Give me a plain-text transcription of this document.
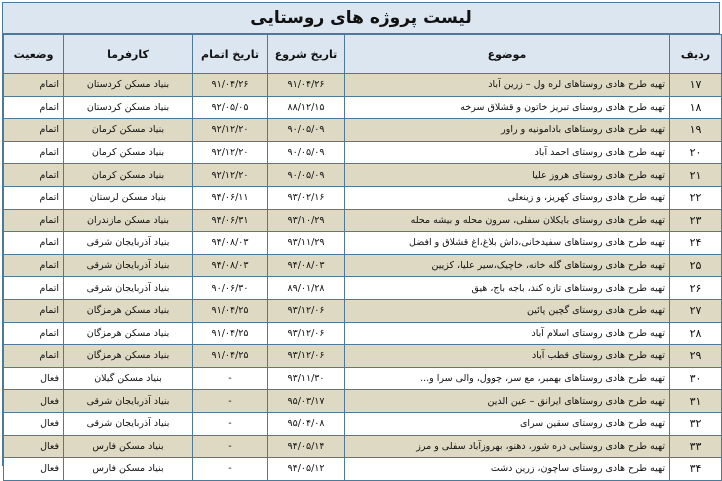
لیست پروژه های روستایی
ردیف	موضوع	تاریخ شروع	تاریخ اتمام	کارفرما	وضعیت
۱۷	تهیه طرح هادی روستاهای لره ول – زرین آباد	۹۱/۰۴/۲۶	۹۱/۰۴/۲۶	بنیاد مسکن کردستان	اتمام
۱۸	تهیه طرح هادی روستای تبریز خاتون و قشلاق سرخه	۸۸/۱۲/۱۵	۹۲/۰۵/۰۵	بنیاد مسکن کردستان	اتمام
۱۹	تهیه طرح هادی روستاهای بادامونیه و راور	۹۰/۰۵/۰۹	۹۲/۱۲/۲۰	بنیاد مسکن کرمان	اتمام
۲۰	تهیه طرح هادی روستای احمد آباد	۹۰/۰۵/۰۹	۹۲/۱۲/۲۰	بنیاد مسکن کرمان	اتمام
۲۱	تهیه طرح هادی روستای هروز علیا	۹۰/۰۵/۰۹	۹۲/۱۲/۲۰	بنیاد مسکن کرمان	اتمام
۲۲	تهیه طرح هادی روستای کهریز، و زینعلی	۹۳/۰۲/۱۶	۹۴/۰۶/۱۱	بنیاد مسکن لرستان	اتمام
۲۳	تهیه طرح هادی روستای بایکلان سفلی، سرون محله و بیشه محله	۹۳/۱۰/۲۹	۹۴/۰۶/۳۱	بنیاد مسکن مازندران	اتمام
۲۴	تهیه طرح هادی روستاهای سفیدخانی،داش بلاغ،اغ قشلاق و افضل	۹۳/۱۱/۲۹	۹۴/۰۸/۰۳	بنیاد آذربایجان شرقی	اتمام
۲۵	تهیه طرح هادی روستاهای گله خانه، خاچیک،سیر علیا، کزیین	۹۴/۰۸/۰۳	۹۴/۰۸/۰۳	بنیاد آذربایجان شرقی	اتمام
۲۶	تهیه طرح هادی روستاهای تازه کند، باجه باج، هیق	۸۹/۰۱/۲۸	۹۰/۰۶/۳۰	بنیاد آذربایجان شرقی	اتمام
۲۷	تهیه طرح هادی روستای گچین پائین	۹۳/۱۲/۰۶	۹۱/۰۴/۲۵	بنیاد مسکن هرمزگان	اتمام
۲۸	تهیه طرح هادی روستای اسلام آباد	۹۳/۱۲/۰۶	۹۱/۰۴/۲۵	بنیاد مسکن هرمزگان	اتمام
۲۹	تهیه طرح هادی روستای قطب آباد	۹۳/۱۲/۰۶	۹۱/۰۴/۲۵	بنیاد مسکن هرمزگان	اتمام
۳۰	تهیه طرح هادی روستاهای بهمبر، مع سر، چوول، والی سرا و...	۹۳/۱۱/۳۰	-	بنیاد مسکن گیلان	فعال
۳۱	تهیه طرح هادی روستاهای ایرانق – عین الدین	۹۵/۰۳/۱۷	-	بنیاد آذربایجان شرقی	فعال
۳۲	تهیه طرح هادی روستای سقین سرای	۹۵/۰۴/۰۸	-	بنیاد آذربایجان شرقی	فعال
۳۳	تهیه طرح هادی روستایی دره شور، دهنو، بهروزآباد سفلی و مرز	۹۴/۰۵/۱۴	-	بنیاد مسکن فارس	فعال
۳۴	تهیه طرح هادی روستای ساچون، زرین دشت	۹۴/۰۵/۱۲	-	بنیاد مسکن فارس	فعال
